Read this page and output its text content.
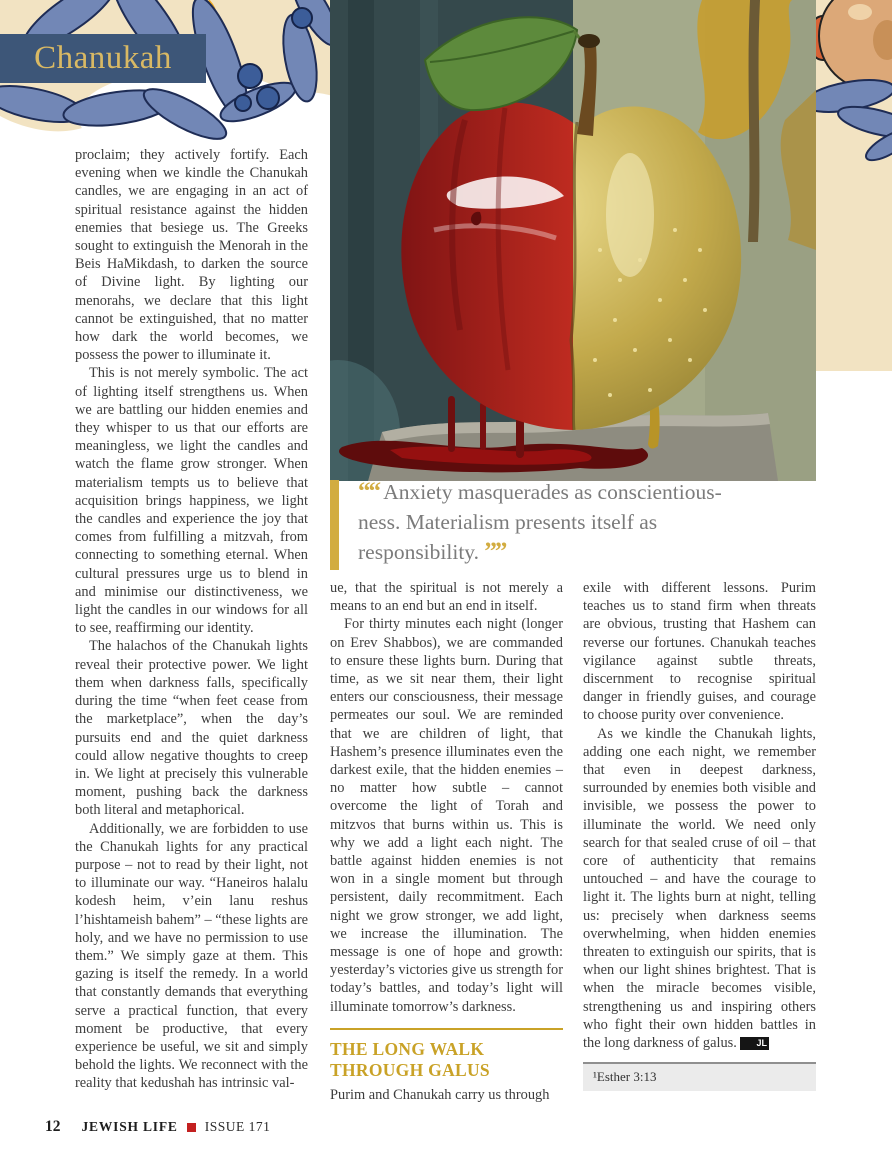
Chanukah

““ Anxiety masquerades as conscientious-
ness. Materialism presents itself as
responsibility. ””

proclaim; they actively fortify. Each evening when we kindle the Chanukah candles, we are engaging in an act of spiritual resistance against the hidden enemies that besiege us. The Greeks sought to extinguish the Menorah in the Beis HaMikdash, to darken the source of Divine light. By lighting our menorahs, we declare that this light cannot be extinguished, that no matter how dark the world becomes, we possess the power to illuminate it.

This is not merely symbolic. The act of lighting itself strengthens us. When we are battling our hidden enemies and they whisper to us that our efforts are meaningless, we light the candles and watch the flame grow stronger. When materialism tempts us to believe that acquisition brings happiness, we light the candles and experience the joy that comes from fulfilling a mitzvah, from connecting to something eternal. When cultural pressures urge us to blend in and minimise our distinctiveness, we light the candles in our windows for all to see, reaffirming our identity.

The halachos of the Chanukah lights reveal their protective power. We light them when darkness falls, specifically during the time “when feet cease from the marketplace”, when the day’s pursuits end and the quiet darkness could allow negative thoughts to creep in. We light at precisely this vulnerable moment, pushing back the darkness both literal and metaphorical.

Additionally, we are forbidden to use the Chanukah lights for any practical purpose – not to read by their light, not to illuminate our way. “Haneiros halalu kodesh heim, v’ein lanu reshus l’hishtameish bahem” – “these lights are holy, and we have no permission to use them.” We simply gaze at them. This gazing is itself the remedy. In a world that constantly demands that everything serve a practical function, that every moment be productive, that every experience be useful, we sit and simply behold the lights. We reconnect with the reality that kedushah has intrinsic val-

ue, that the spiritual is not merely a means to an end but an end in itself.

For thirty minutes each night (longer on Erev Shabbos), we are commanded to ensure these lights burn. During that time, as we sit near them, their light enters our consciousness, their message permeates our soul. We are reminded that we are children of light, that Hashem’s presence illuminates even the darkest exile, that the hidden enemies – no matter how subtle – cannot overcome the light of Torah and mitzvos that burns within us. This is why we add a light each night. The battle against hidden enemies is not won in a single moment but through persistent, daily recommitment. Each night we grow stronger, we add light, we increase the illumination. The message is one of hope and growth: yesterday’s victories give us strength for today’s battles, and today’s light will illuminate tomorrow’s darkness.

THE LONG WALK THROUGH GALUS

Purim and Chanukah carry us through

exile with different lessons. Purim teaches us to stand firm when threats are obvious, trusting that Hashem can reverse our fortunes. Chanukah teaches vigilance against subtle threats, discernment to recognise spiritual danger in friendly guises, and courage to choose purity over convenience.

As we kindle the Chanukah lights, adding one each night, we remember that even in deepest darkness, surrounded by enemies both visible and invisible, we possess the power to illuminate the world. We need only search for that sealed cruse of oil – that core of authenticity that remains untouched – and have the courage to light it. The lights burn at night, telling us: precisely when darkness seems overwhelming, when hidden enemies threaten to extinguish our spirits, that is when our light shines brightest. That is when the miracle becomes visible, strengthening us and inspiring others who fight their own hidden battles in the long darkness of galus. JL

¹Esther 3:13
12 JEWISH LIFE ISSUE 171
